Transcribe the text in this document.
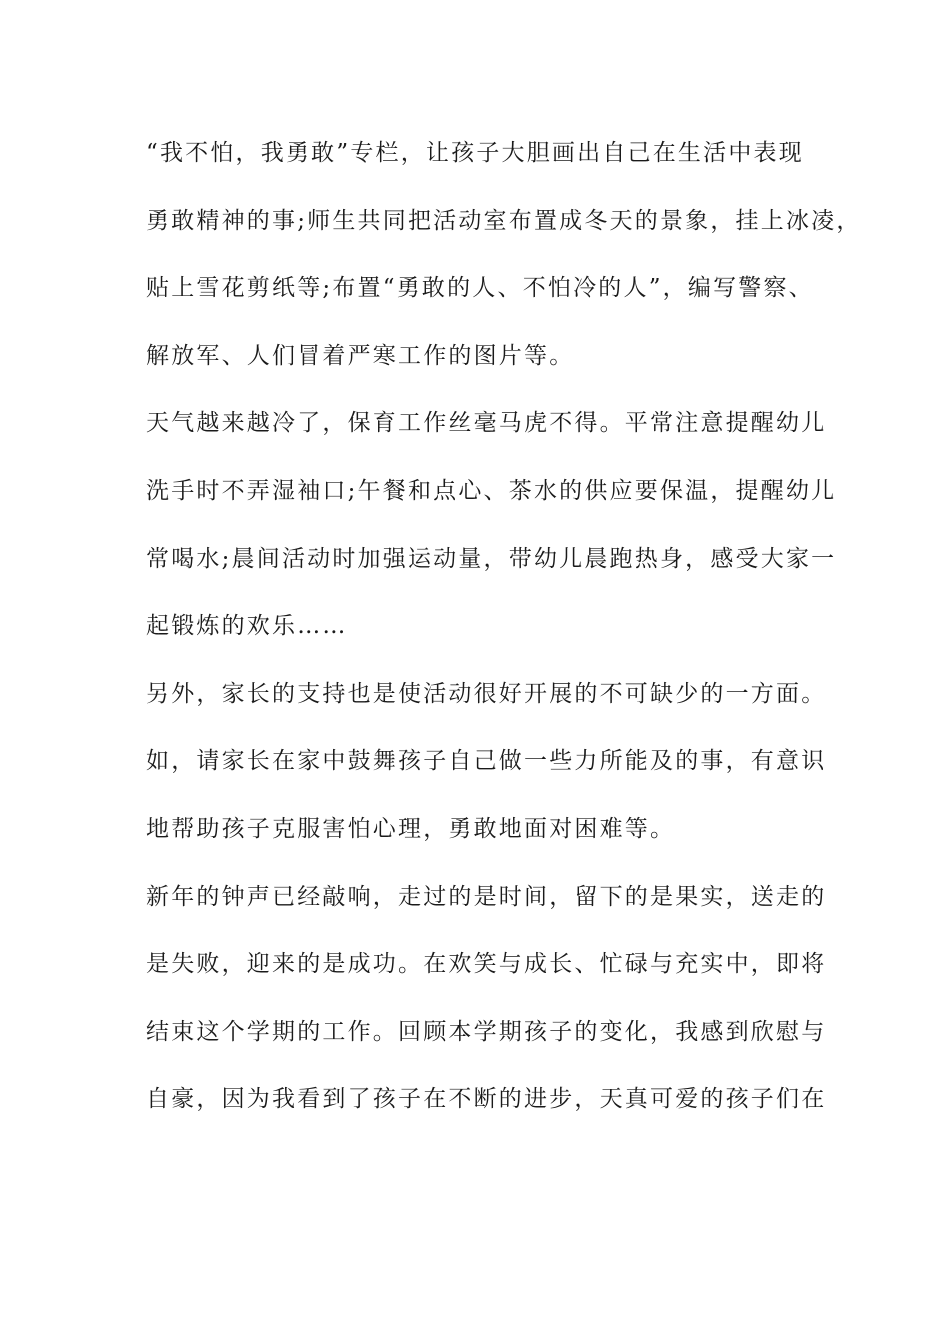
“我不怕，我勇敢”专栏，让孩子大胆画出自己在生活中表现
勇敢精神的事;师生共同把活动室布置成冬天的景象，挂上冰凌，
贴上雪花剪纸等;布置“勇敢的人、不怕冷的人”，编写警察、
解放军、人们冒着严寒工作的图片等。
天气越来越冷了，保育工作丝毫马虎不得。平常注意提醒幼儿
洗手时不弄湿袖口;午餐和点心、茶水的供应要保温，提醒幼儿
常喝水;晨间活动时加强运动量，带幼儿晨跑热身，感受大家一
起锻炼的欢乐……
另外，家长的支持也是使活动很好开展的不可缺少的一方面。
如，请家长在家中鼓舞孩子自己做一些力所能及的事，有意识
地帮助孩子克服害怕心理，勇敢地面对困难等。
新年的钟声已经敲响，走过的是时间，留下的是果实，送走的
是失败，迎来的是成功。在欢笑与成长、忙碌与充实中，即将
结束这个学期的工作。回顾本学期孩子的变化，我感到欣慰与
自豪，因为我看到了孩子在不断的进步，天真可爱的孩子们在
